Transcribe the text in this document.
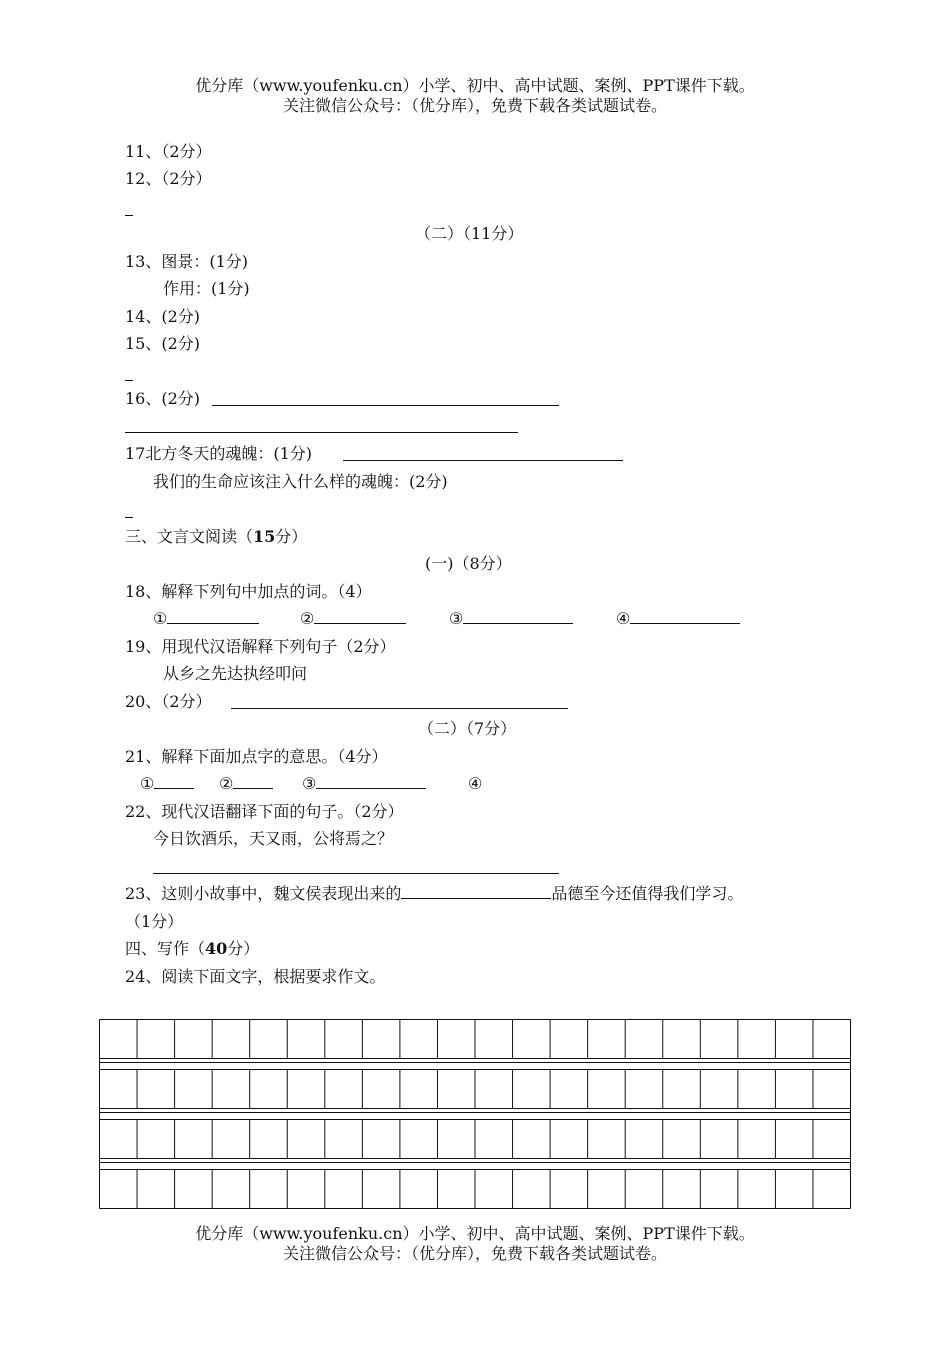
优分库（www.youfenku.cn）小学、初中、高中试题、案例、PPT课件下载。
关注微信公众号：（优分库），免费下载各类试题试卷。
11、（2分）
12、（2分）
（二）（11分）
13、图景：(1分)
作用：(1分)
14、(2分)
15、(2分)
16、(2分)
17北方冬天的魂魄：(1分)
我们的生命应该注入什么样的魂魄：(2分)
三、文言文阅读（15分）
(一)（8分）
18、解释下列句中加点的词。（4）
①	②	③	④
19、用现代汉语解释下列句子（2分）
从乡之先达执经叩问
20、（2分）
（二）（7分）
21、解释下面加点字的意思。（4分）
①	②	③	④
22、现代汉语翻译下面的句子。（2分）
今日饮酒乐，天又雨，公将焉之？
23、这则小故事中，魏文侯表现出来的	品德至今还值得我们学习。
（1分）
四、写作（40分）
24、阅读下面文字，根据要求作文。
优分库（www.youfenku.cn）小学、初中、高中试题、案例、PPT课件下载。
关注微信公众号：（优分库），免费下载各类试题试卷。
